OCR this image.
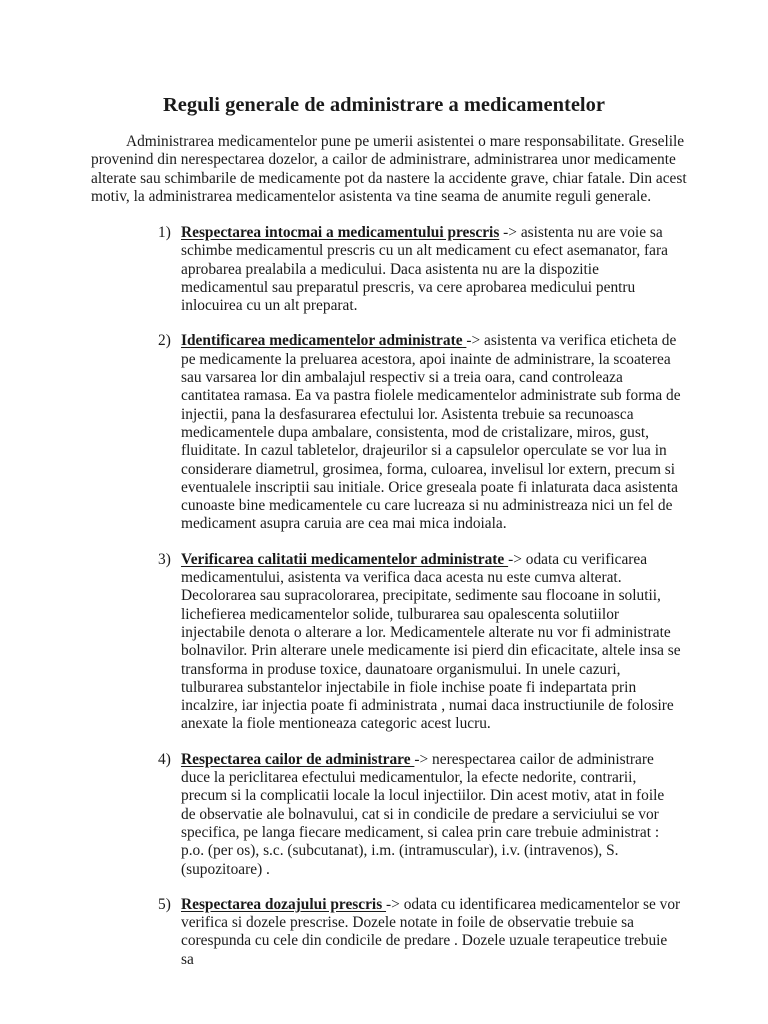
Reguli generale de administrare a medicamentelor

Administrarea medicamentelor pune pe umerii asistentei o mare responsabilitate. Greselile provenind din nerespectarea dozelor, a cailor de administrare, administrarea unor medicamente alterate sau schimbarile de medicamente pot da nastere la accidente grave, chiar fatale. Din acest motiv, la administrarea medicamentelor asistenta va tine seama de anumite reguli generale.

1) Respectarea intocmai a medicamentului prescris -> asistenta nu are voie sa schimbe medicamentul prescris cu un alt medicament cu efect asemanator, fara aprobarea prealabila a medicului. Daca asistenta nu are la dispozitie medicamentul sau preparatul prescris, va cere aprobarea medicului pentru inlocuirea cu un alt preparat.
2) Identificarea medicamentelor administrate -> asistenta va verifica eticheta de pe medicamente la preluarea acestora, apoi inainte de administrare, la scoaterea sau varsarea lor din ambalajul respectiv si a treia oara, cand controleaza cantitatea ramasa. Ea va pastra fiolele medicamentelor administrate sub forma de injectii, pana la desfasurarea efectului lor. Asistenta trebuie sa recunoasca medicamentele dupa ambalare, consistenta, mod de cristalizare, miros, gust, fluiditate. In cazul tabletelor, drajeurilor si a capsulelor operculate se vor lua in considerare diametrul, grosimea, forma, culoarea, invelisul lor extern, precum si eventualele inscriptii sau initiale. Orice greseala poate fi inlaturata daca asistenta cunoaste bine medicamentele cu care lucreaza si nu administreaza nici un fel de medicament asupra caruia are cea mai mica indoiala.
3) Verificarea calitatii medicamentelor administrate -> odata cu verificarea medicamentului, asistenta va verifica daca acesta nu este cumva alterat. Decolorarea sau supracolorarea, precipitate, sedimente sau flocoane in solutii, lichefierea medicamentelor solide, tulburarea sau opalescenta solutiilor injectabile denota o alterare a lor. Medicamentele alterate nu vor fi administrate bolnavilor. Prin alterare unele medicamente isi pierd din eficacitate, altele insa se transforma in produse toxice, daunatoare organismului. In unele cazuri, tulburarea substantelor injectabile in fiole inchise poate fi indepartata prin incalzire, iar injectia poate fi administrata , numai daca instructiunile de folosire anexate la fiole mentioneaza categoric acest lucru.
4) Respectarea cailor de administrare -> nerespectarea cailor de administrare duce la periclitarea efectului medicamentulor, la efecte nedorite, contrarii, precum si la complicatii locale la locul injectiilor. Din acest motiv, atat in foile de observatie ale bolnavului, cat si in condicile de predare a serviciului se vor specifica, pe langa fiecare medicament, si calea prin care trebuie administrat : p.o. (per os), s.c. (subcutanat), i.m. (intramuscular), i.v. (intravenos), S. (supozitoare) .
5) Respectarea dozajului prescris -> odata cu identificarea medicamentelor se vor verifica si dozele prescrise. Dozele notate in foile de observatie trebuie sa corespunda cu cele din condicile de predare . Dozele uzuale terapeutice trebuie sa
